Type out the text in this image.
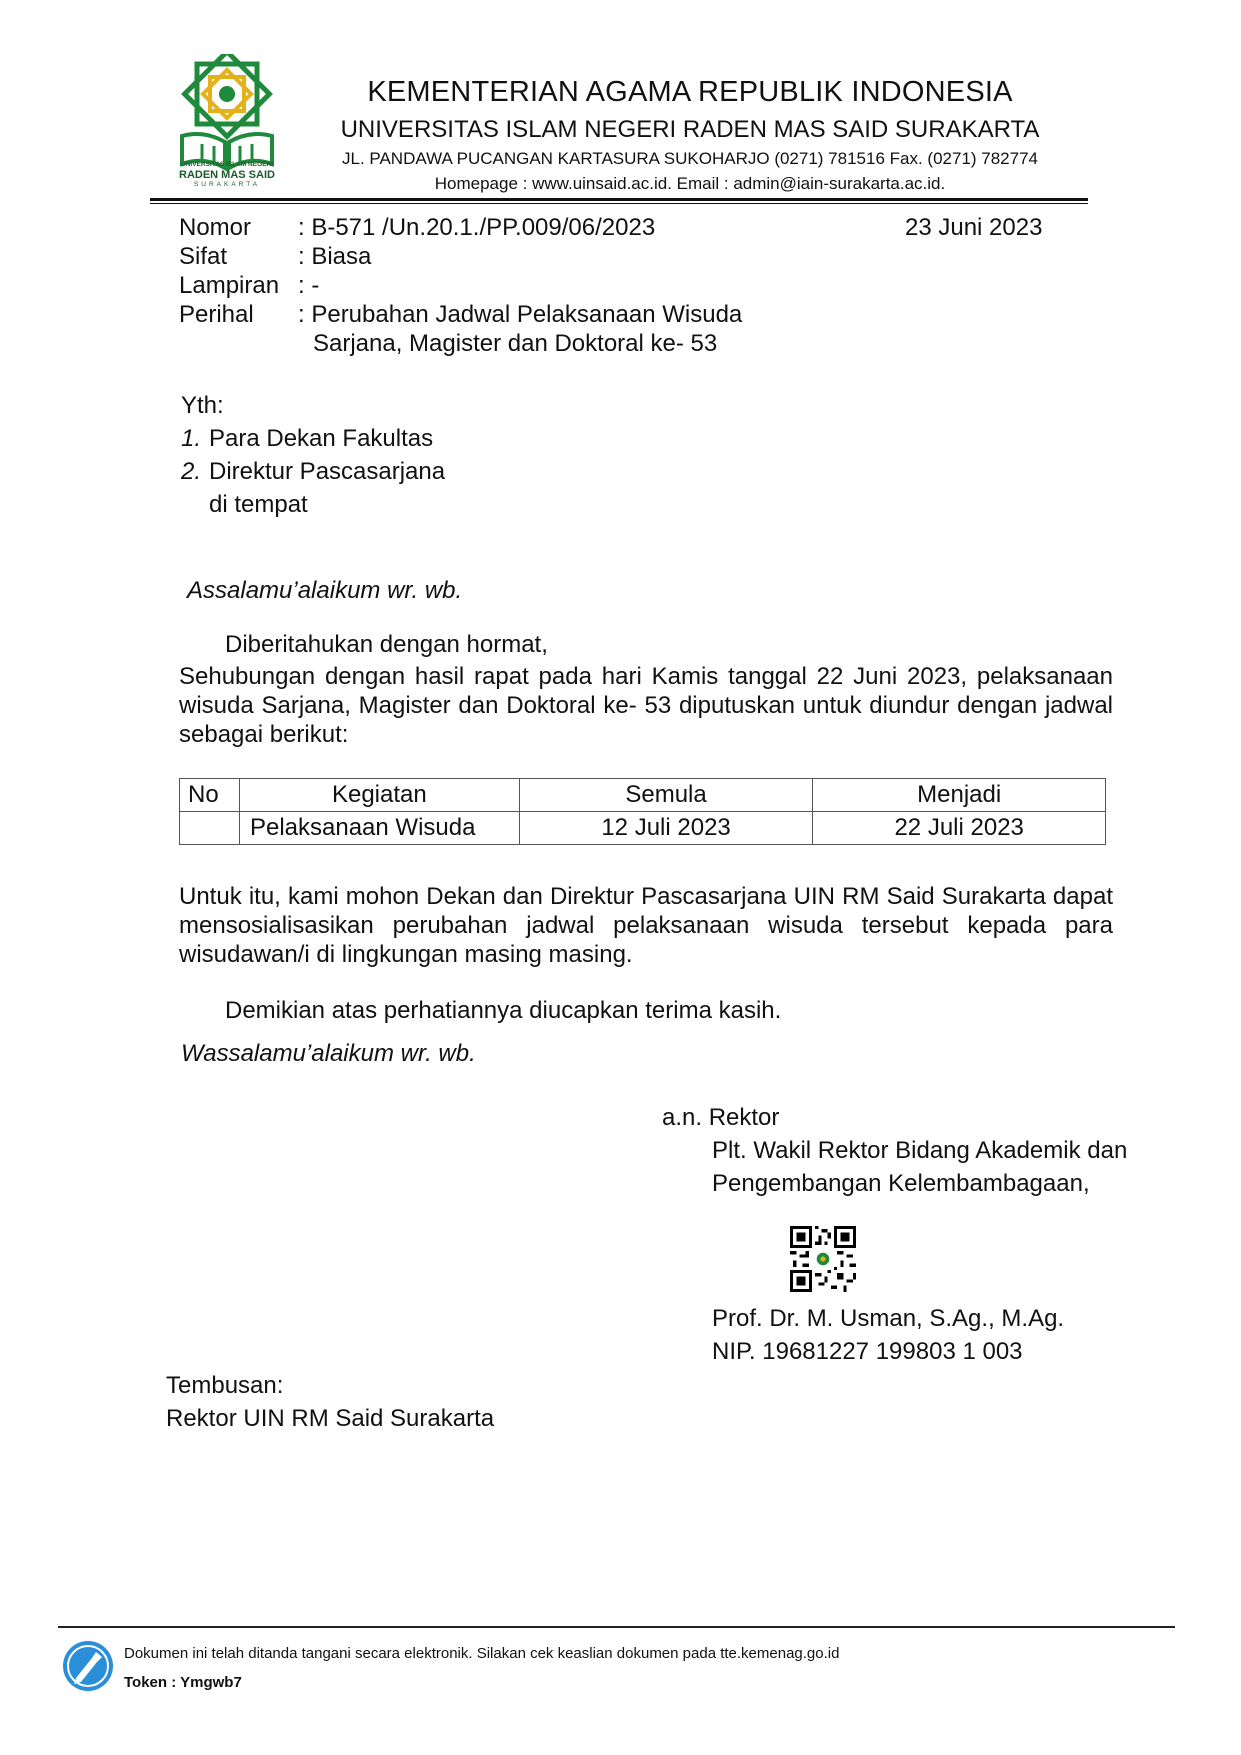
UNIVERSITAS ISLAM NEGERI
RADEN MAS SAID
SURAKARTA
KEMENTERIAN AGAMA REPUBLIK INDONESIA
UNIVERSITAS ISLAM NEGERI RADEN MAS SAID SURAKARTA
JL. PANDAWA PUCANGAN KARTASURA SUKOHARJO (0271) 781516 Fax. (0271) 782774
Homepage : www.uinsaid.ac.id. Email : admin@iain-surakarta.ac.id.
Nomor : B-571 /Un.20.1./PP.009/06/2023	23 Juni 2023
Sifat	: Biasa
Lampiran : -
Perihal : Perubahan Jadwal Pelaksanaan Wisuda
Sarjana, Magister dan Doktoral ke- 53
Yth:
1. Para Dekan Fakultas
2. Direktur Pascasarjana
di tempat
Assalamu’alaikum wr. wb.
Diberitahukan dengan hormat,
Sehubungan dengan hasil rapat pada hari Kamis tanggal 22 Juni 2023, pelaksanaan wisuda Sarjana, Magister dan Doktoral ke- 53 diputuskan untuk diundur dengan jadwal sebagai berikut:
No	Kegiatan	Semula	Menjadi
	Pelaksanaan Wisuda	12 Juli 2023	22 Juli 2023
Untuk itu, kami mohon Dekan dan Direktur Pascasarjana UIN RM Said Surakarta dapat mensosialisasikan perubahan jadwal pelaksanaan wisuda tersebut kepada para wisudawan/i di lingkungan masing masing.
Demikian atas perhatiannya diucapkan terima kasih.
Wassalamu’alaikum wr. wb.
a.n. Rektor
Plt. Wakil Rektor Bidang Akademik dan
Pengembangan Kelembambagaan,
Prof. Dr. M. Usman, S.Ag., M.Ag.
NIP. 19681227 199803 1 003
Tembusan:
Rektor UIN RM Said Surakarta
Dokumen ini telah ditanda tangani secara elektronik. Silakan cek keaslian dokumen pada tte.kemenag.go.id
Token : Ymgwb7
